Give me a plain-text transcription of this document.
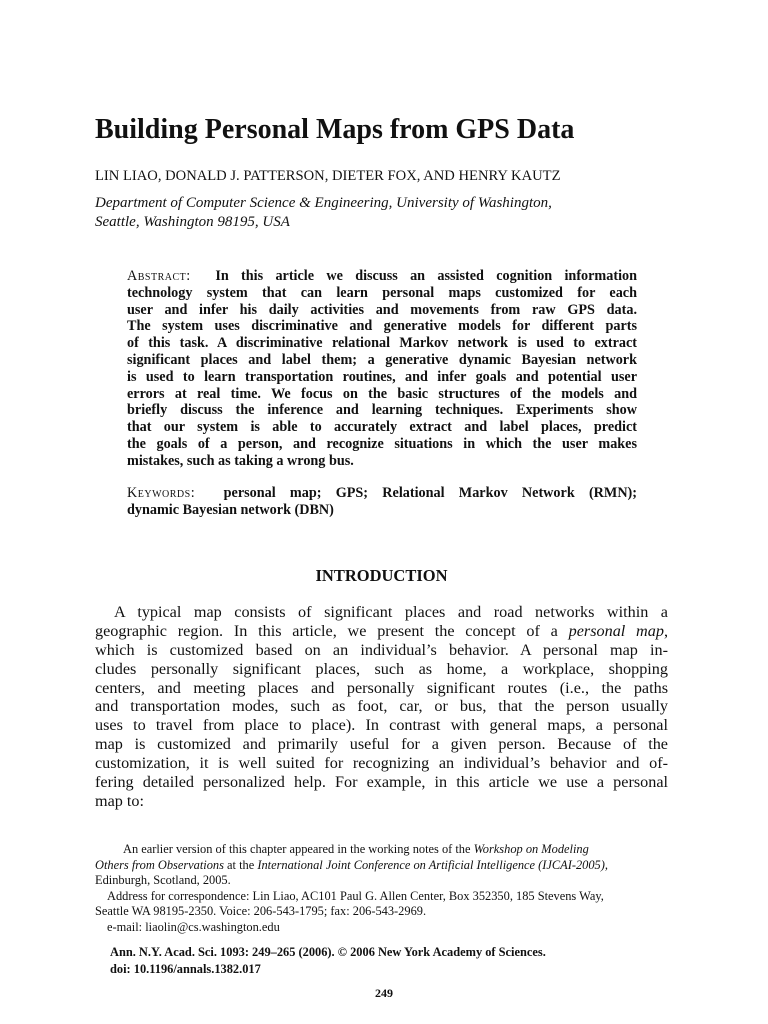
Building Personal Maps from GPS Data
LIN LIAO, DONALD J. PATTERSON, DIETER FOX, AND HENRY KAUTZ
Department of Computer Science & Engineering, University of Washington,
Seattle, Washington 98195, USA
Abstract: In this article we discuss an assisted cognition information
technology system that can learn personal maps customized for each
user and infer his daily activities and movements from raw GPS data.
The system uses discriminative and generative models for different parts
of this task. A discriminative relational Markov network is used to extract
significant places and label them; a generative dynamic Bayesian network
is used to learn transportation routines, and infer goals and potential user
errors at real time. We focus on the basic structures of the models and
briefly discuss the inference and learning techniques. Experiments show
that our system is able to accurately extract and label places, predict
the goals of a person, and recognize situations in which the user makes
mistakes, such as taking a wrong bus.
Keywords: personal map; GPS; Relational Markov Network (RMN);
dynamic Bayesian network (DBN)
INTRODUCTION
A typical map consists of significant places and road networks within a
geographic region. In this article, we present the concept of a personal map,
which is customized based on an individual’s behavior. A personal map in-
cludes personally significant places, such as home, a workplace, shopping
centers, and meeting places and personally significant routes (i.e., the paths
and transportation modes, such as foot, car, or bus, that the person usually
uses to travel from place to place). In contrast with general maps, a personal
map is customized and primarily useful for a given person. Because of the
customization, it is well suited for recognizing an individual’s behavior and of-
fering detailed personalized help. For example, in this article we use a personal
map to:
An earlier version of this chapter appeared in the working notes of the Workshop on Modeling
Others from Observations at the International Joint Conference on Artificial Intelligence (IJCAI-2005),
Edinburgh, Scotland, 2005.
Address for correspondence: Lin Liao, AC101 Paul G. Allen Center, Box 352350, 185 Stevens Way,
Seattle WA 98195-2350. Voice: 206-543-1795; fax: 206-543-2969.
e-mail: liaolin@cs.washington.edu
Ann. N.Y. Acad. Sci. 1093: 249–265 (2006). © 2006 New York Academy of Sciences.
doi: 10.1196/annals.1382.017
249
